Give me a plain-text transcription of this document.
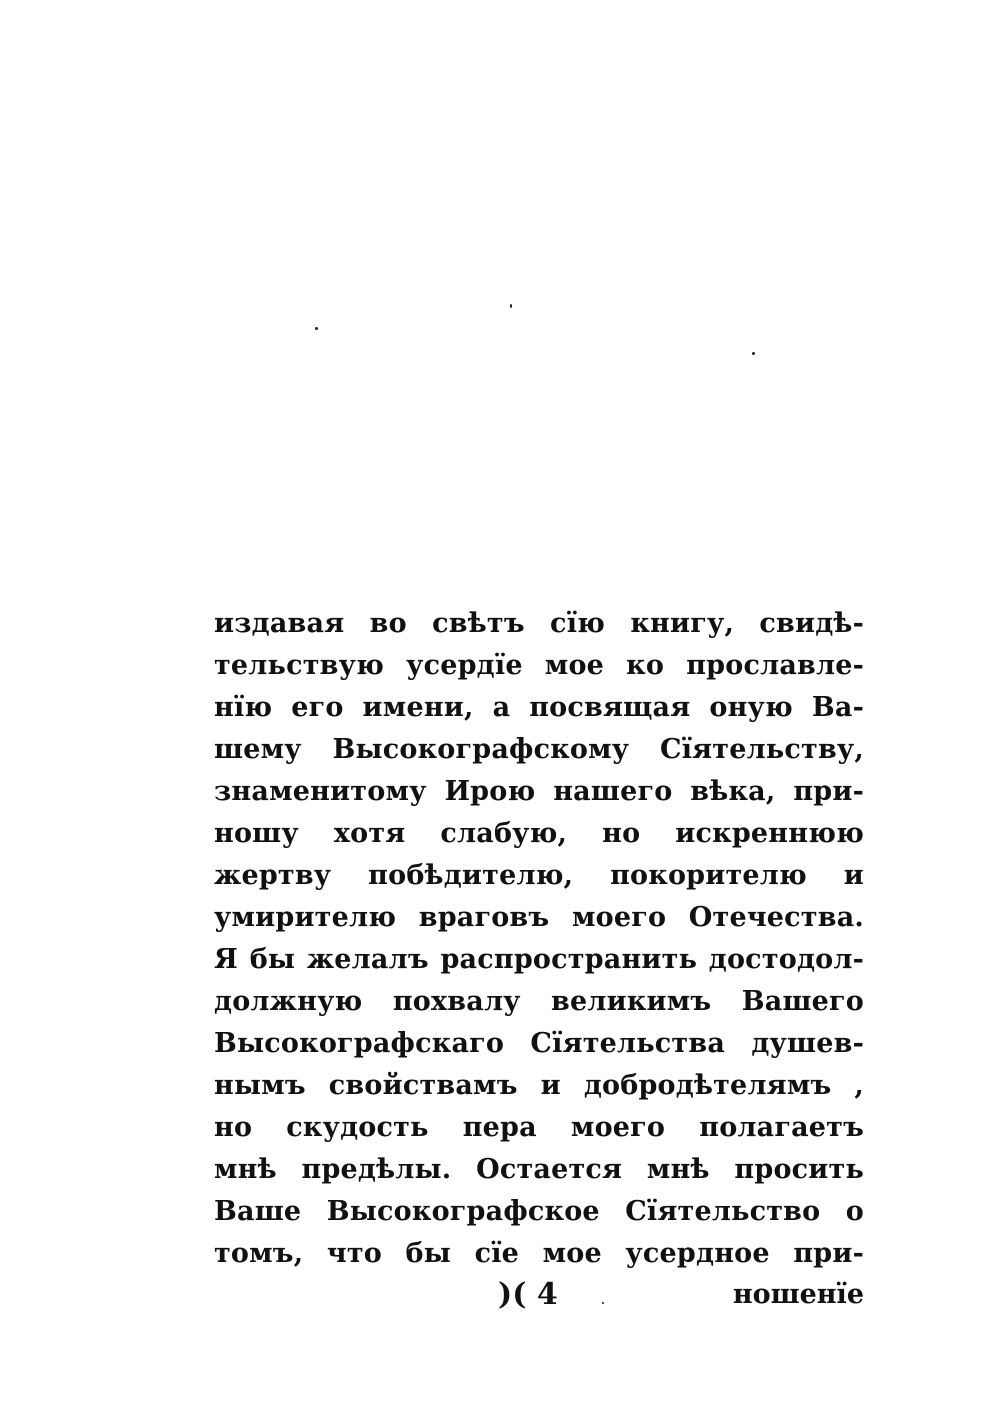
издавая во свѣтъ сїю книгу, свидѣ-
тельствую усердїе мое ко прославле-
нїю его имени, а посвящая оную Ва-
шему Высокографскому Сїятельству,
знаменитому Ирою нашего вѣка, при-
ношу хотя слабую, но искреннюю
жертву побѣдителю, покорителю и
умирителю враговъ моего Отечества.
Я бы желалъ распространить достодол-
должную похвалу великимъ Вашего
Высокографскаго Сїятельства душев-
нымъ свойствамъ и добродѣтелямъ ,
но скудость пера моего полагаетъ
мнѣ предѣлы. Остается мнѣ просить
Ваше Высокографское Сїятельство о
томъ, что бы сїе мое усердное при-
)( 4	ношенїе
